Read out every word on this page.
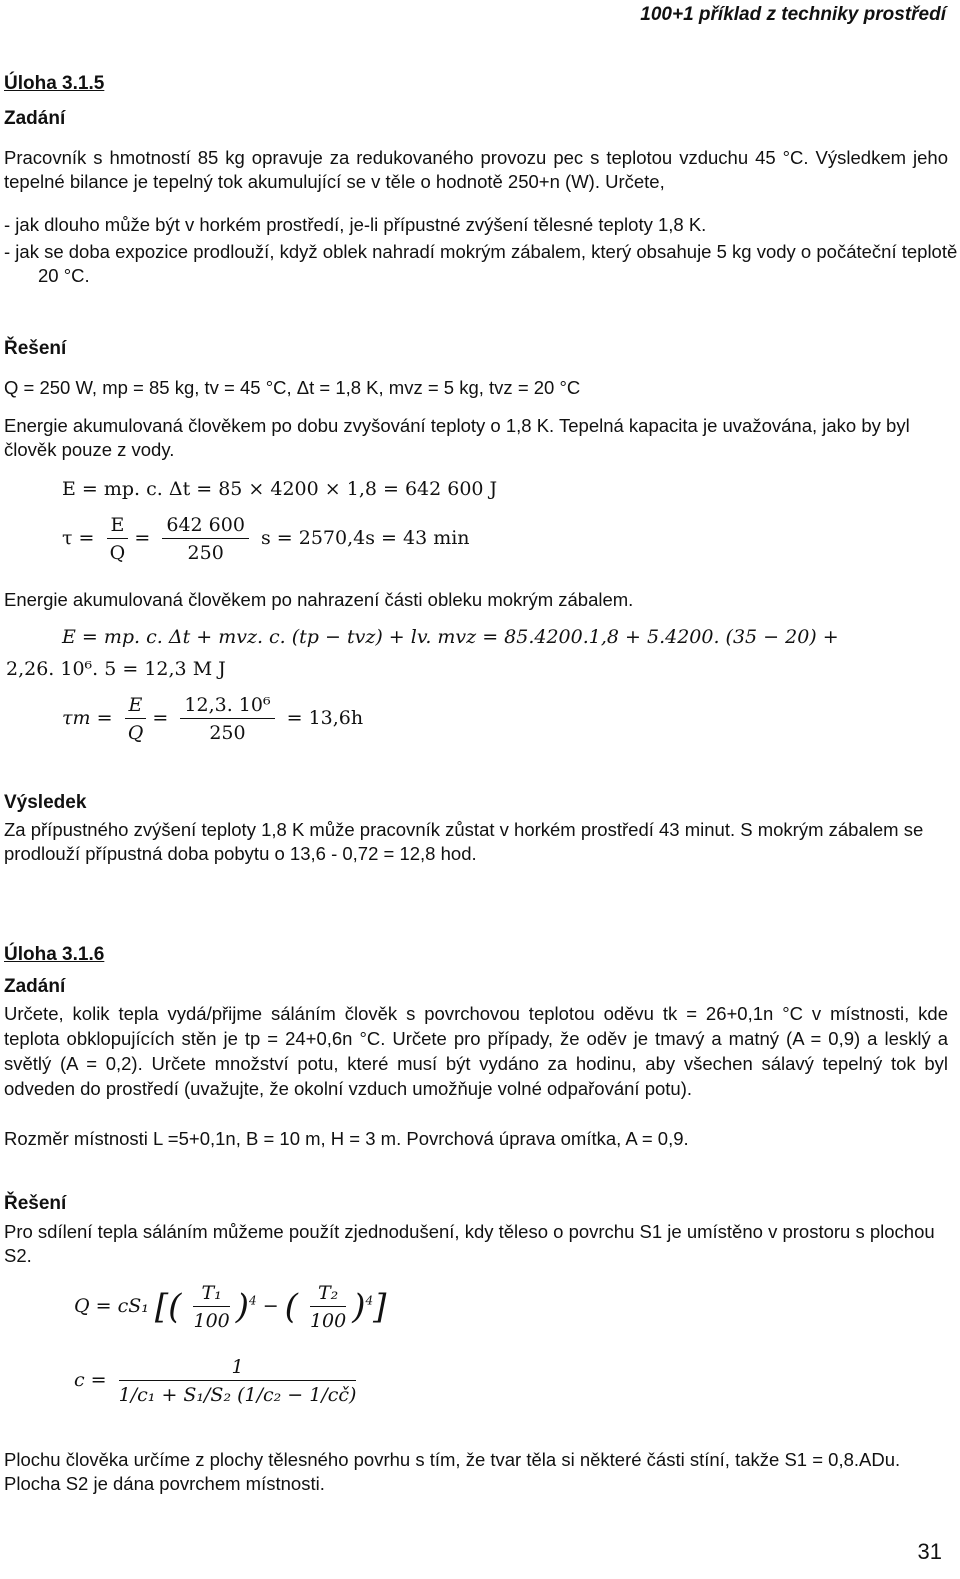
100+1 příklad z techniky prostředí
Úloha 3.1.5
Zadání
Pracovník s hmotností 85 kg opravuje za redukovaného provozu pec s teplotou vzduchu 45 °C. Výsledkem jeho tepelné bilance je tepelný tok akumulující se v těle o hodnotě 250+n (W). Určete,
- jak dlouho může být v horkém prostředí, je-li přípustné zvýšení tělesné teploty 1,8 K.
- jak se doba expozice prodlouží, když oblek nahradí mokrým zábalem, který obsahuje 5 kg vody o počáteční teplotě 20 °C.
Řešení
Q = 250 W, mp = 85 kg, tv = 45 °C, Δt = 1,8 K, mvz = 5 kg, tvz = 20 °C
Energie akumulovaná člověkem po dobu zvyšování teploty o 1,8 K. Tepelná kapacita je uvažována, jako by byl člověk pouze z vody.
E = mp. c. Δt = 85 × 4200 × 1,8 = 642 600 J
$\tau = \frac{E}{Q} = \frac{642 600}{250}$ s = 2570,4s = 43 min
Energie akumulovaná člověkem po nahrazení části obleku mokrým zábalem.
E = mp. c. Δt + mvz. c. (tp − tvz) + lv. mvz = 85.4200.1,8 + 5.4200. (35 − 20) +
2,26. 10⁶. 5 = 12,3 M J
$\tau m = \frac{E}{Q} = \frac{\text{12,3. 10⁶}}{250} = 13,6h$
Výsledek
Za přípustného zvýšení teploty 1,8 K může pracovník zůstat v horkém prostředí 43 minut. S mokrým zábalem se prodlouží přípustná doba pobytu o 13,6 - 0,72 = 12,8 hod.
Úloha 3.1.6
Zadání
Určete, kolik tepla vydá/přijme sáláním člověk s povrchovou teplotou oděvu tk = 26+0,1n °C v místnosti, kde teplota obklopujících stěn je tp = 24+0,6n °C. Určete pro případy, že oděv je tmavý a matný (A = 0,9) a lesklý a světlý (A = 0,2). Určete množství potu, které musí být vydáno za hodinu, aby všechen sálavý tepelný tok byl odveden do prostředí (uvažujte, že okolní vzduch umožňuje volné odpařování potu).
Rozměr místnosti L =5+0,1n, B = 10 m, H = 3 m. Povrchová úprava omítka, A = 0,9.
Řešení
Pro sdílení tepla sáláním můžeme použít zjednodušení, kdy těleso o povrchu S1 je umístěno v prostoru s plochou S2.
Q = cS₁ [( $\frac{\text{T₁}}{100} )^4$ − ( $\frac{\text{T₂}}{100} )^4$]
$c = \frac{1}{\text{1/c₁ + S₁/S₂ (1/c₂ − 1/cč)}}$
Plochu člověka určíme z plochy tělesného povrhu s tím, že tvar těla si některé části stíní, takže S1 = 0,8.ADu. Plocha S2 je dána povrchem místnosti.
31
